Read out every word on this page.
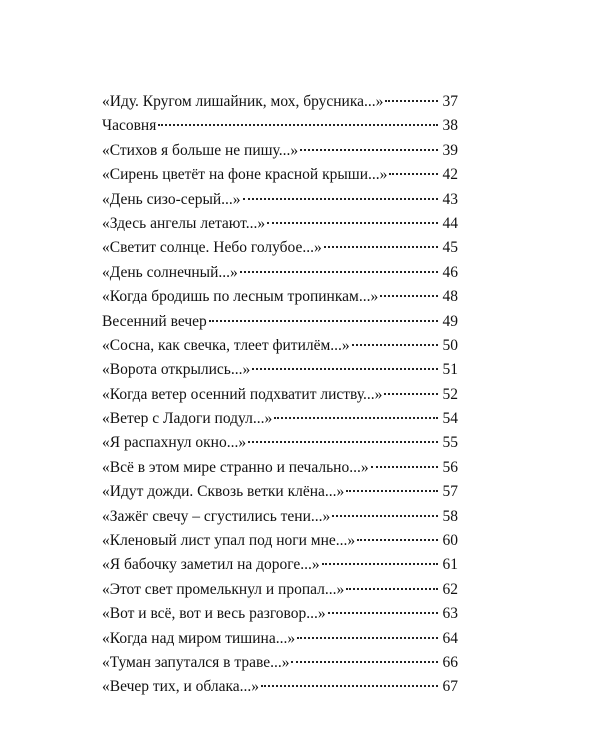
«Иду. Кругом лишайник, мох, брусника...»	37
Часовня	38
«Стихов я больше не пишу...»	39
«Сирень цветёт на фоне красной крыши...»	42
«День сизо-серый...»	43
«Здесь ангелы летают...»	44
«Светит солнце. Небо голубое...»	45
«День солнечный...»	46
«Когда бродишь по лесным тропинкам...»	48
Весенний вечер	49
«Сосна, как свечка, тлеет фитилём...»	50
«Ворота открылись...»	51
«Когда ветер осенний подхватит листву...»	52
«Ветер с Ладоги подул...»	54
«Я распахнул окно...»	55
«Всё в этом мире странно и печально...»	56
«Идут дожди. Сквозь ветки клёна...»	57
«Зажёг свечу – сгустились тени...»	58
«Кленовый лист упал под ноги мне...»	60
«Я бабочку заметил на дороге...»	61
«Этот свет промелькнул и пропал...»	62
«Вот и всё, вот и весь разговор...»	63
«Когда над миром тишина...»	64
«Туман запутался в траве...»	66
«Вечер тих, и облака...»	67
